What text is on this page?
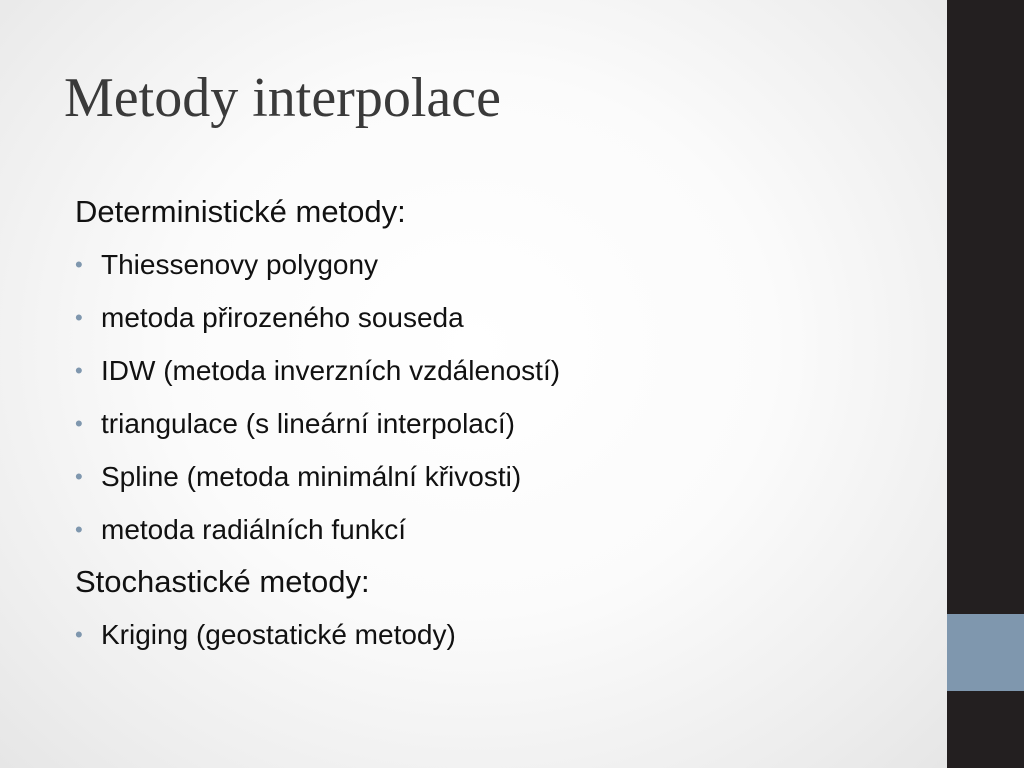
Metody interpolace
Deterministické metody:
• Thiessenovy polygony
• metoda přirozeného souseda
• IDW (metoda inverzních vzdáleností)
• triangulace (s lineární interpolací)
• Spline (metoda minimální křivosti)
• metoda radiálních funkcí
Stochastické metody:
• Kriging (geostatické metody)
